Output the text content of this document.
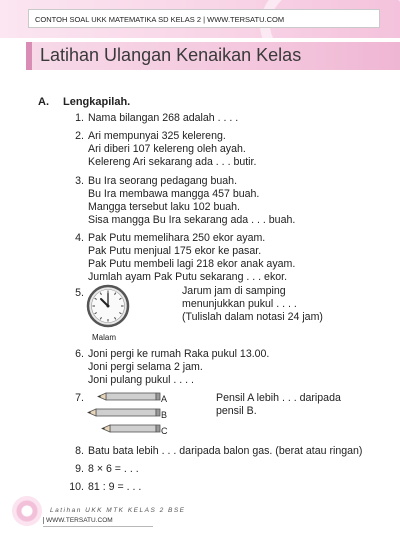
CONTOH SOAL UKK MATEMATIKA SD KELAS 2 | WWW.TERSATU.COM
Latihan Ulangan Kenaikan Kelas
A. Lengkapilah.
1. Nama bilangan 268 adalah . . . .
2. Ari mempunyai 325 kelereng.
Ari diberi 107 kelereng oleh ayah.
Kelereng Ari sekarang ada . . . butir.
3. Bu Ira seorang pedagang buah.
Bu Ira membawa mangga 457 buah.
Mangga tersebut laku 102 buah.
Sisa mangga Bu Ira sekarang ada . . . buah.
4. Pak Putu memelihara 250 ekor ayam.
Pak Putu menjual 175 ekor ke pasar.
Pak Putu membeli lagi 218 ekor anak ayam.
Jumlah ayam Pak Putu sekarang . . . ekor.
5.
Malam
Jarum jam di samping
menunjukkan pukul . . . .
(Tulislah dalam notasi 24 jam)
6. Joni pergi ke rumah Raka pukul 13.00.
Joni pergi selama 2 jam.
Joni pulang pukul . . . .
7.	A
B
C
Pensil A lebih . . . daripada
pensil B.
8. Batu bata lebih . . . daripada balon gas. (berat atau ringan)
9. 8 × 6 = . . .
10. 81 : 9 = . . .
Latihan UKK MTK KELAS 2 BSE
WWW.TERSATU.COM
